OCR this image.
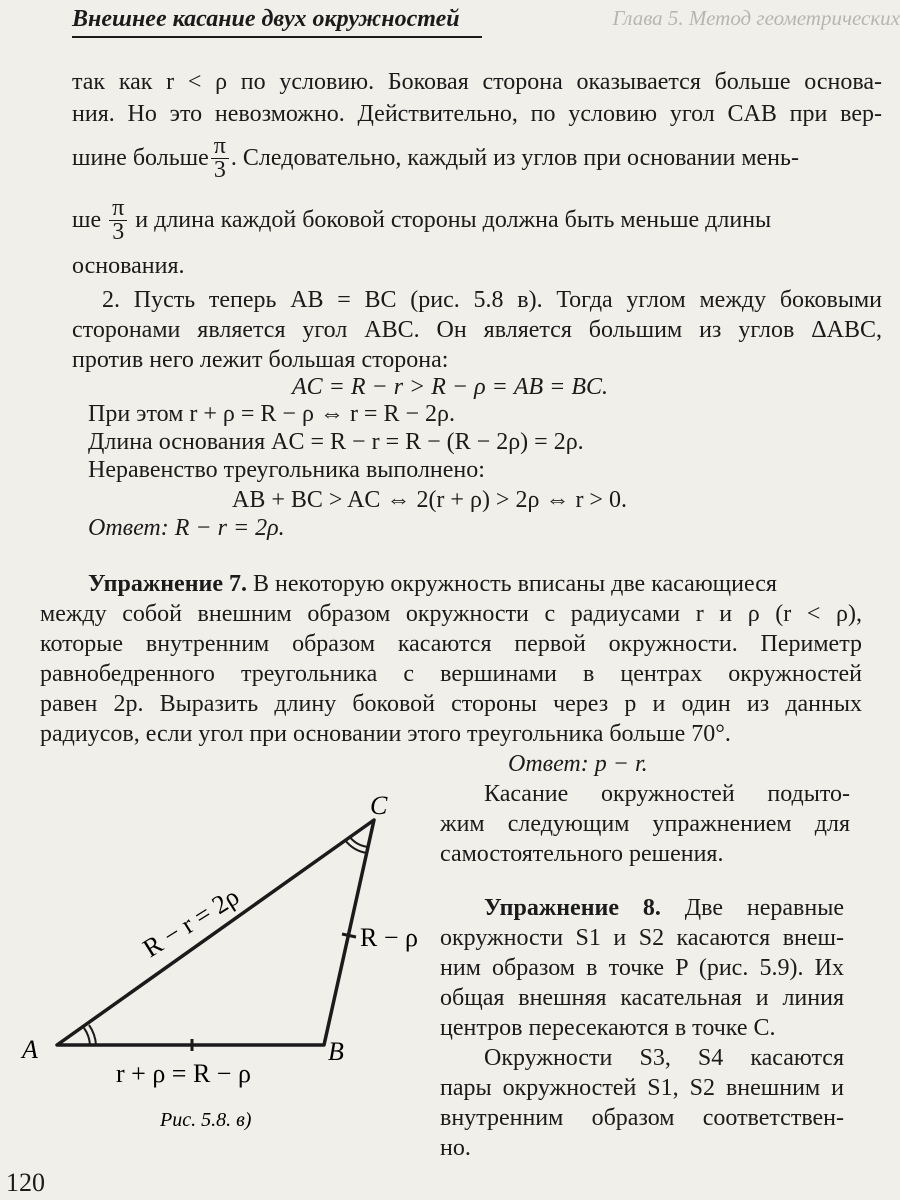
Внешнее касание двух окружностей	Глава 5. Метод геометрических
так как r < ρ по условию. Боковая сторона оказывается больше основа-
ния. Но это невозможно. Действительно, по условию угол CAB при вер-
шине больше $\frac{\pi}{3}$ . Следовательно, каждый из углов при основании мень-
ше $\frac{\pi}{3}$ и длина каждой боковой стороны должна быть меньше длины
основания.
2. Пусть теперь AB = BC (рис. 5.8 в). Тогда углом между боковыми
сторонами является угол ABC. Он является большим из углов ΔABC,
против него лежит большая сторона:
AC = R − r > R − ρ = AB = BC.
При этом r + ρ = R − ρ ⇔ r = R − 2ρ.
Длина основания AC = R − r = R − (R − 2ρ) = 2ρ.
Неравенство треугольника выполнено:
AB + BC > AC ⇔ 2(r + ρ) > 2ρ ⇔ r > 0.
Ответ: R − r = 2ρ.
Упражнение 7. В некоторую окружность вписаны две касающиеся
между собой внешним образом окружности с радиусами r и ρ (r < ρ),
которые внутренним образом касаются первой окружности. Периметр
равнобедренного треугольника с вершинами в центрах окружностей
равен 2p. Выразить длину боковой стороны через p и один из данных
радиусов, если угол при основании этого треугольника больше 70°.
Ответ: p − r.
Касание окружностей подыто-
жим следующим упражнением для
самостоятельного решения.
Упражнение 8. Две неравные
окружности S1 и S2 касаются внеш-
ним образом в точке P (рис. 5.9). Их
общая внешняя касательная и линия
центров пересекаются в точке C.
Окружности S3, S4 касаются
пары окружностей S1, S2 внешним и
внутренним образом соответствен-
но.
A	B
C
R − r = 2ρ	R − ρ
r + ρ = R − ρ
Рис. 5.8. в)
120
